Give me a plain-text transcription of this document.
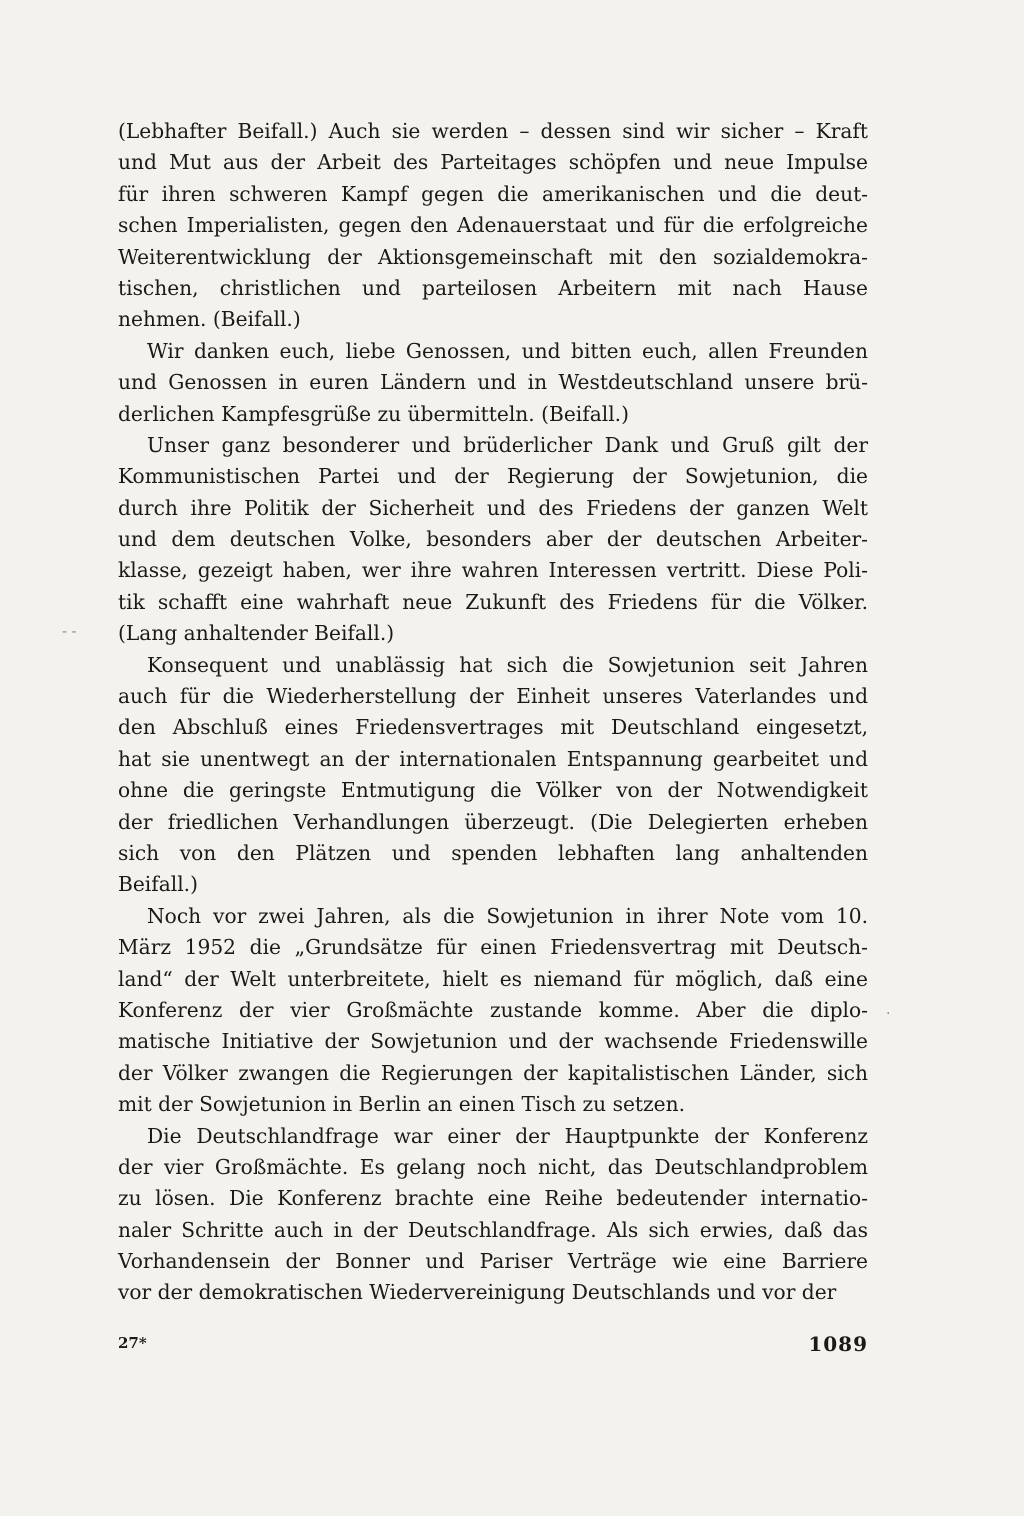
(Lebhafter Beifall.) Auch sie werden – dessen sind wir sicher – Kraft
und Mut aus der Arbeit des Parteitages schöpfen und neue Impulse
für ihren schweren Kampf gegen die amerikanischen und die deut-
schen Imperialisten, gegen den Adenauerstaat und für die erfolgreiche
Weiterentwicklung der Aktionsgemeinschaft mit den sozialdemokra-
tischen, christlichen und parteilosen Arbeitern mit nach Hause
nehmen. (Beifall.)
Wir danken euch, liebe Genossen, und bitten euch, allen Freunden
und Genossen in euren Ländern und in Westdeutschland unsere brü-
derlichen Kampfesgrüße zu übermitteln. (Beifall.)
Unser ganz besonderer und brüderlicher Dank und Gruß gilt der
Kommunistischen Partei und der Regierung der Sowjetunion, die
durch ihre Politik der Sicherheit und des Friedens der ganzen Welt
und dem deutschen Volke, besonders aber der deutschen Arbeiter-
klasse, gezeigt haben, wer ihre wahren Interessen vertritt. Diese Poli-
tik schafft eine wahrhaft neue Zukunft des Friedens für die Völker.
(Lang anhaltender Beifall.)
Konsequent und unablässig hat sich die Sowjetunion seit Jahren
auch für die Wiederherstellung der Einheit unseres Vaterlandes und
den Abschluß eines Friedensvertrages mit Deutschland eingesetzt,
hat sie unentwegt an der internationalen Entspannung gearbeitet und
ohne die geringste Entmutigung die Völker von der Notwendigkeit
der friedlichen Verhandlungen überzeugt. (Die Delegierten erheben
sich von den Plätzen und spenden lebhaften lang anhaltenden
Beifall.)
Noch vor zwei Jahren, als die Sowjetunion in ihrer Note vom 10.
März 1952 die „Grundsätze für einen Friedensvertrag mit Deutsch-
land“ der Welt unterbreitete, hielt es niemand für möglich, daß eine
Konferenz der vier Großmächte zustande komme. Aber die diplo-
matische Initiative der Sowjetunion und der wachsende Friedenswille
der Völker zwangen die Regierungen der kapitalistischen Länder, sich
mit der Sowjetunion in Berlin an einen Tisch zu setzen.
Die Deutschlandfrage war einer der Hauptpunkte der Konferenz
der vier Großmächte. Es gelang noch nicht, das Deutschlandproblem
zu lösen. Die Konferenz brachte eine Reihe bedeutender internatio-
naler Schritte auch in der Deutschlandfrage. Als sich erwies, daß das
Vorhandensein der Bonner und Pariser Verträge wie eine Barriere
vor der demokratischen Wiedervereinigung Deutschlands und vor der
‐ ‐
·
27*	1089
